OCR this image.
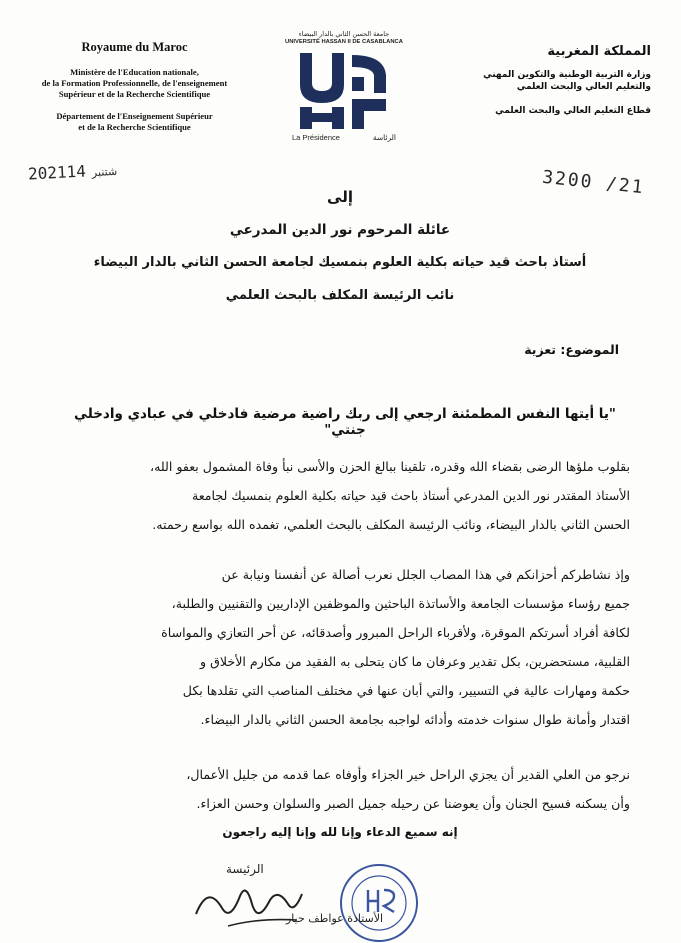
Royaume du Maroc
Ministère de l'Education nationale,
de la Formation Professionnelle, de l'enseignement
Supérieur et de la Recherche Scientifique
Département de l'Enseignement Supérieur
et de la Recherche Scientifique
جامعة الحسن الثاني بالدار البيضاء
UNIVERSITÉ HASSAN II DE CASABLANCA
La Présidence	الرئاسة
المملكة المغربية
وزارة التربية الوطنية والتكوين المهني
والتعليم العالي والبحث العلمي
قطاع التعليم العالي والبحث العلمي
2021 شتنبر14	3200 /21
إلى
عائلة المرحوم نور الدين المدرعي
أستاذ باحث قيد حياته بكلية العلوم بنمسيك لجامعة الحسن الثاني بالدار البيضاء
نائب الرئيسة المكلف بالبحث العلمي
الموضوع: تعزية
"يا أيتها النفس المطمئنة ارجعي إلى ربك راضية مرضية فادخلي في عبادي وادخلي جنتي"
بقلوب ملؤها الرضى بقضاء الله وقدره، تلقينا ببالغ الحزن والأسى نبأ وفاة المشمول بعفو الله،
الأستاذ المقتدر نور الدين المدرعي أستاذ باحث قيد حياته بكلية العلوم بنمسيك لجامعة
الحسن الثاني بالدار البيضاء، ونائب الرئيسة المكلف بالبحث العلمي، تغمده الله بواسع رحمته.
وإذ نشاطركم أحزانكم في هذا المصاب الجلل نعرب أصالة عن أنفسنا ونيابة عن
جميع رؤساء مؤسسات الجامعة والأساتذة الباحثين والموظفين الإداريين والتقنيين والطلبة،
لكافة أفراد أسرتكم الموقرة، ولأقرباء الراحل المبرور وأصدقائه، عن أحر التعازي والمواساة
القلبية، مستحضرين، بكل تقدير وعرفان ما كان يتحلى به الفقيد من مكارم الأخلاق و
حكمة ومهارات عالية في التسيير، والتي أبان عنها في مختلف المناصب التي تقلدها بكل
اقتدار وأمانة طوال سنوات خدمته وأدائه لواجبه بجامعة الحسن الثاني بالدار البيضاء.
نرجو من العلي القدير أن يجزي الراحل خير الجزاء وأوفاه عما قدمه من جليل الأعمال،
وأن يسكنه فسيح الجنان وأن يعوضنا عن رحيله جميل الصبر والسلوان وحسن العزاء.
إنه سميع الدعاء وإنا لله وإنا إليه راجعون
الرئيسة
الأستاذة عواطف حيار
